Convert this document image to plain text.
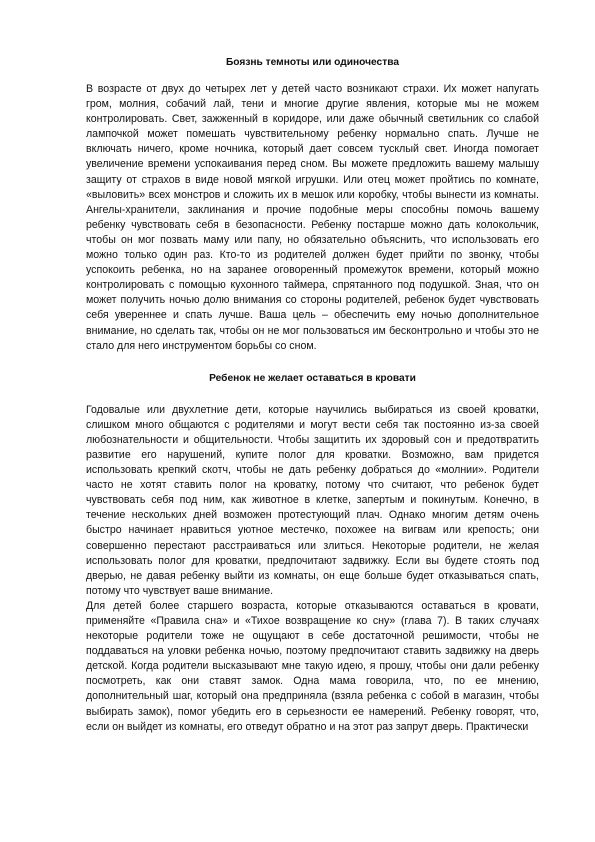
Боязнь темноты или одиночества

В возрасте от двух до четырех лет у детей часто возникают страхи. Их может напугать гром, молния, собачий лай, тени и многие другие явления, которые мы не можем контролировать. Свет, зажженный в коридоре, или даже обычный светильник со слабой лампочкой может помешать чувствительному ребенку нормально спать. Лучше не включать ничего, кроме ночника, который дает совсем тусклый свет. Иногда помогает увеличение времени успокаивания перед сном. Вы можете предложить вашему малышу защиту от страхов в виде новой мягкой игрушки. Или отец может пройтись по комнате, «выловить» всех монстров и сложить их в мешок или коробку, чтобы вынести из комнаты. Ангелы-хранители, заклинания и прочие подобные меры способны помочь вашему ребенку чувствовать себя в безопасности. Ребенку постарше можно дать колокольчик, чтобы он мог позвать маму или папу, но обязательно объяснить, что использовать его можно только один раз. Кто-то из родителей должен будет прийти по звонку, чтобы успокоить ребенка, но на заранее оговоренный промежуток времени, который можно контролировать с помощью кухонного таймера, спрятанного под подушкой. Зная, что он может получить ночью долю внимания со стороны родителей, ребенок будет чувствовать себя увереннее и спать лучше. Ваша цель – обеспечить ему ночью дополнительное внимание, но сделать так, чтобы он не мог пользоваться им бесконтрольно и чтобы это не стало для него инструментом борьбы со сном.

Ребенок не желает оставаться в кровати

Годовалые или двухлетние дети, которые научились выбираться из своей кроватки, слишком много общаются с родителями и могут вести себя так постоянно из-за своей любознательности и общительности. Чтобы защитить их здоровый сон и предотвратить развитие его нарушений, купите полог для кроватки. Возможно, вам придется использовать крепкий скотч, чтобы не дать ребенку добраться до «молнии». Родители часто не хотят ставить полог на кроватку, потому что считают, что ребенок будет чувствовать себя под ним, как животное в клетке, запертым и покинутым. Конечно, в течение нескольких дней возможен протестующий плач. Однако многим детям очень быстро начинает нравиться уютное местечко, похожее на вигвам или крепость; они совершенно перестают расстраиваться или злиться. Некоторые родители, не желая использовать полог для кроватки, предпочитают задвижку. Если вы будете стоять под дверью, не давая ребенку выйти из комнаты, он еще больше будет отказываться спать, потому что чувствует ваше внимание.

Для детей более старшего возраста, которые отказываются оставаться в кровати, применяйте «Правила сна» и «Тихое возвращение ко сну» (глава 7). В таких случаях некоторые родители тоже не ощущают в себе достаточной решимости, чтобы не поддаваться на уловки ребенка ночью, поэтому предпочитают ставить задвижку на дверь детской. Когда родители высказывают мне такую идею, я прошу, чтобы они дали ребенку посмотреть, как они ставят замок. Одна мама говорила, что, по ее мнению, дополнительный шаг, который она предприняла (взяла ребенка с собой в магазин, чтобы выбирать замок), помог убедить его в серьезности ее намерений. Ребенку говорят, что, если он выйдет из комнаты, его отведут обратно и на этот раз запрут дверь. Практически
